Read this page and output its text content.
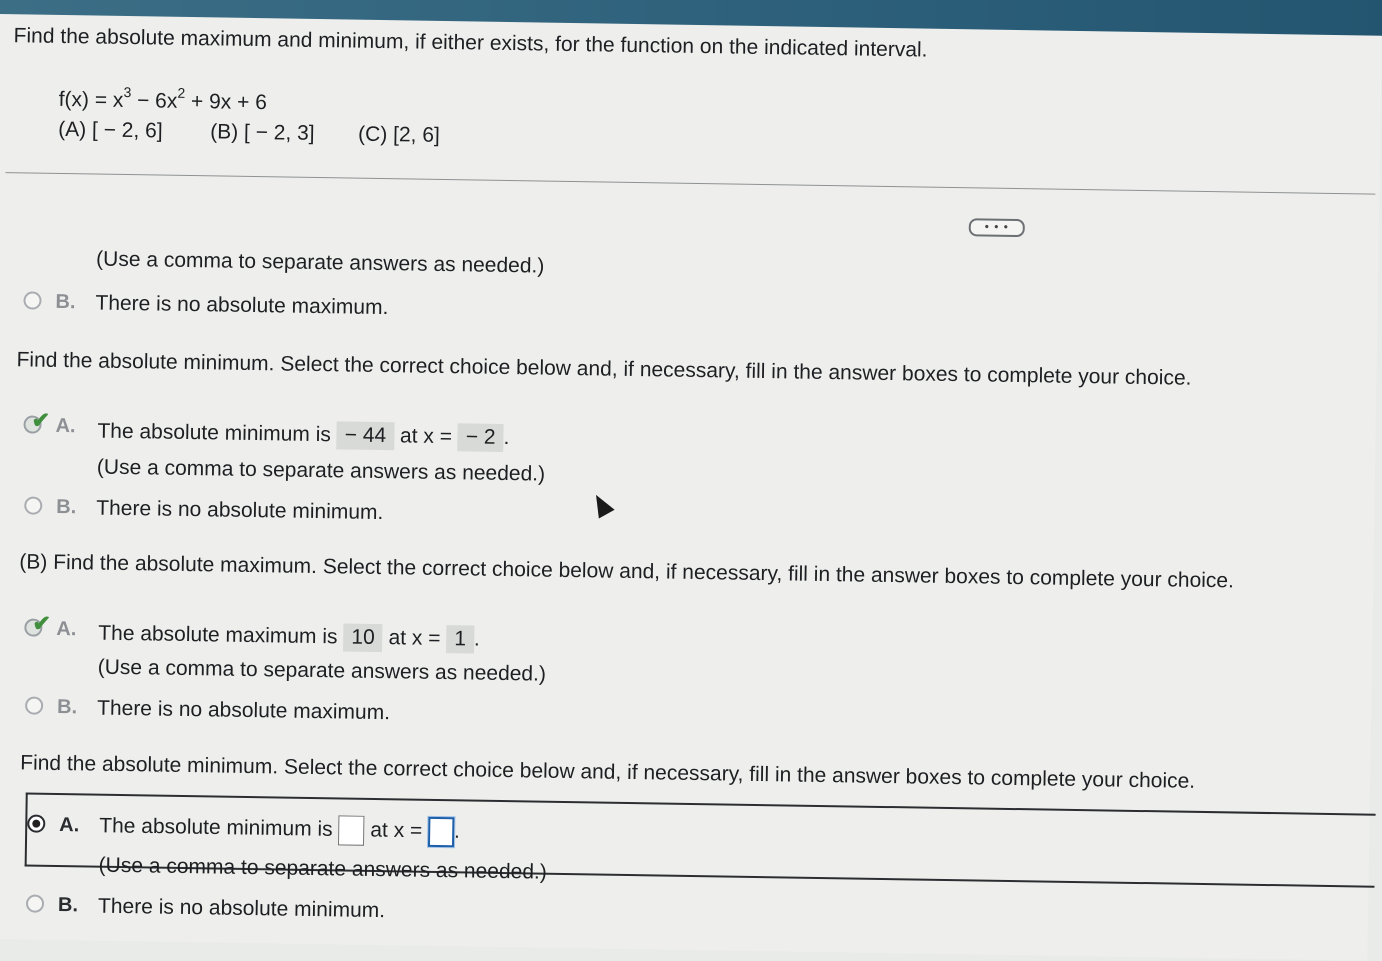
Find the absolute maximum and minimum, if either exists, for the function on the indicated interval.
$f(x) = x^3 - 6x^2 + 9x + 6$
(A) [ − 2, 6] (B) [ − 2, 3] (C) [2, 6]
• • •
(Use a comma to separate answers as needed.)
B. There is no absolute maximum.
Find the absolute minimum. Select the correct choice below and, if necessary, fill in the answer boxes to complete your choice.
✔ A. The absolute minimum is − 44 at x = − 2 .
(Use a comma to separate answers as needed.)
B. There is no absolute minimum.
(B) Find the absolute maximum. Select the correct choice below and, if necessary, fill in the answer boxes to complete your choice.
✔ A. The absolute maximum is 10 at x = 1 .
(Use a comma to separate answers as needed.)
B. There is no absolute maximum.
Find the absolute minimum. Select the correct choice below and, if necessary, fill in the answer boxes to complete your choice.
A. The absolute minimum is at x = .
(Use a comma to separate answers as needed.)
B. There is no absolute minimum.
